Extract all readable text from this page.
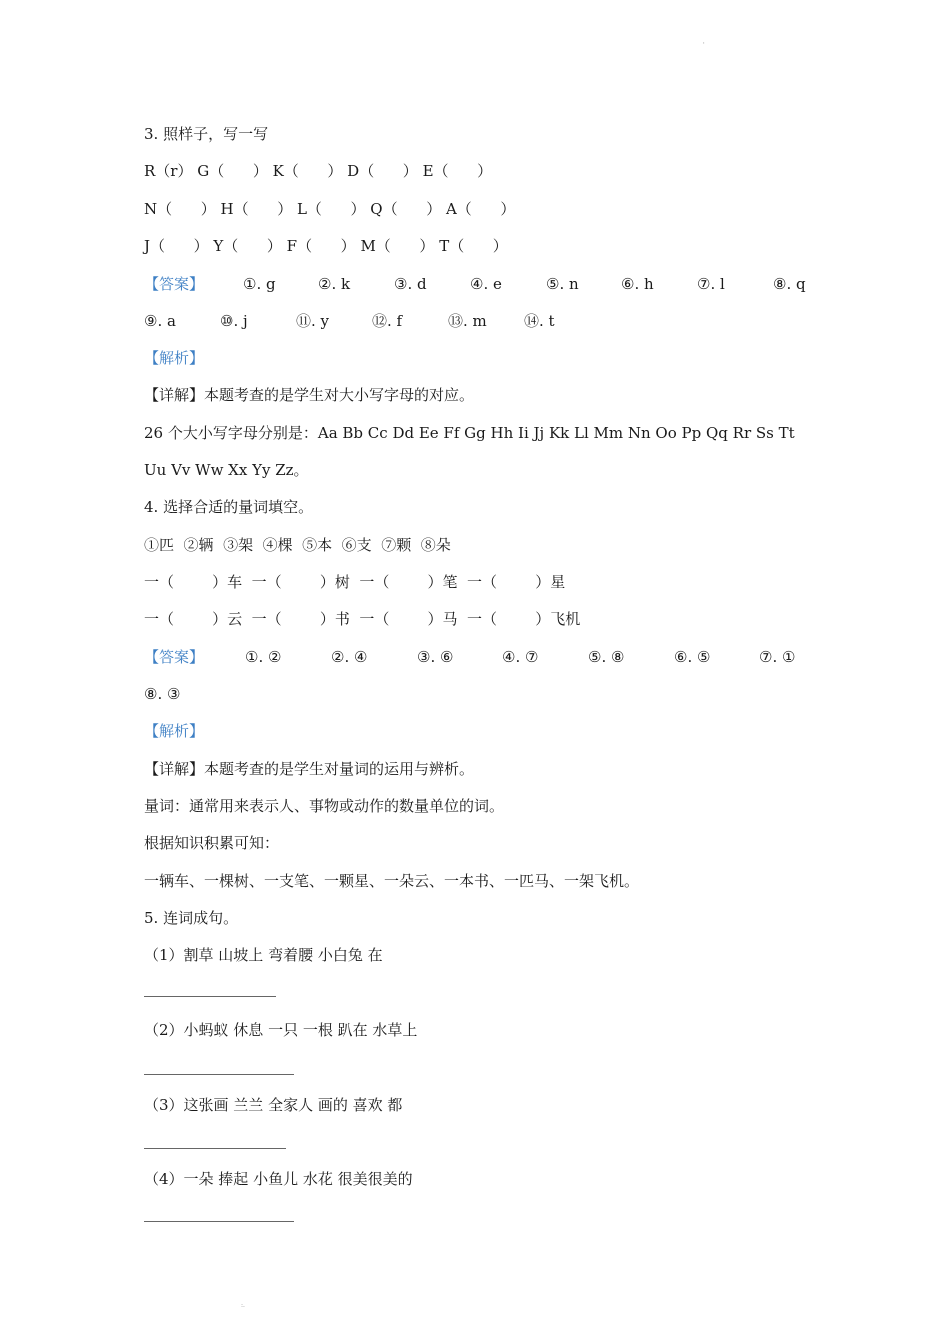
'
3. 照样子，写一写
R（r） G（      ） K（      ） D（      ） E（      ）
N（      ） H（      ） L（      ） Q（      ） A（      ）
J（      ） Y（      ） F（      ） M（      ） T（      ）

【答案】

	①. g

	②. k

	③. d

	④. e

	⑤. n

	⑥. h

	⑦. l

	⑧. q

⑨. a

	⑩. j

	⑪. y

	⑫. f

	⑬. m

⑭. t

【解析】
【详解】本题考查的是学生对大小写字母的对应。
26 个大小写字母分别是：Aa Bb Cc Dd Ee Ff Gg Hh Ii Jj Kk Ll Mm Nn Oo Pp Qq Rr Ss Tt
Uu Vv Ww Xx Yy Zz。
4. 选择合适的量词填空。
①匹  ②辆  ③架  ④棵  ⑤本  ⑥支  ⑦颗  ⑧朵
一（        ）车  一（        ）树  一（        ）笔  一（        ）星
一（        ）云  一（        ）书  一（        ）马  一（        ）飞机

【答案】

	①. ②

	②. ④

	③. ⑥

	④. ⑦

	⑤. ⑧

	⑥. ⑤

	⑦. ①

⑧. ③
【解析】
【详解】本题考查的是学生对量词的运用与辨析。
量词：通常用来表示人、事物或动作的数量单位的词。
根据知识积累可知：
一辆车、一棵树、一支笔、一颗星、一朵云、一本书、一匹马、一架飞机。
5. 连词成句。
（1）割草 山坡上 弯着腰 小白兔 在
（2）小蚂蚁 休息 一只 一根 趴在 水草上
（3）这张画 兰兰 全家人 画的 喜欢 都
（4）一朵 捧起 小鱼儿 水花 很美很美的
:.
